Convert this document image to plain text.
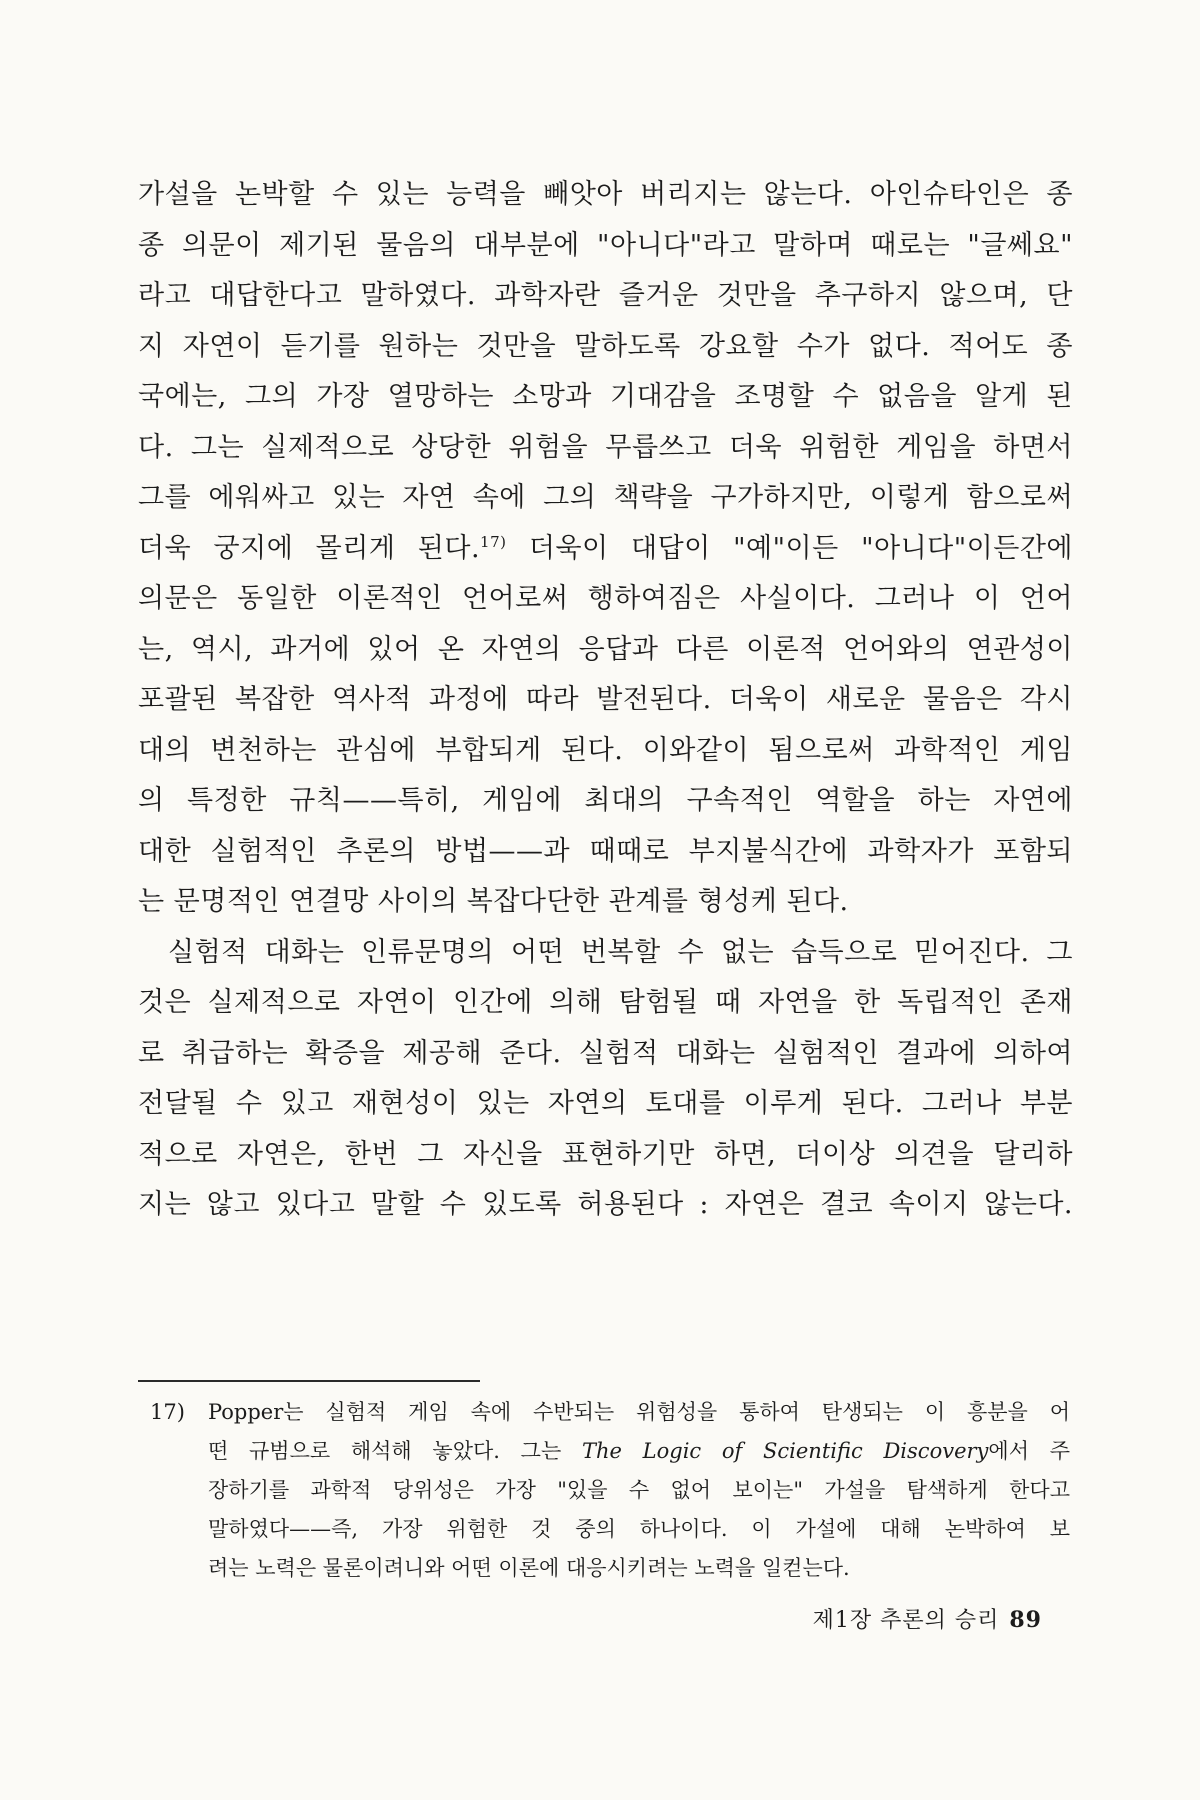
가설을 논박할 수 있는 능력을 빼앗아 버리지는 않는다. 아인슈타인은 종
종 의문이 제기된 물음의 대부분에 "아니다"라고 말하며 때로는 "글쎄요"
라고 대답한다고 말하였다. 과학자란 즐거운 것만을 추구하지 않으며, 단
지 자연이 듣기를 원하는 것만을 말하도록 강요할 수가 없다. 적어도 종
국에는, 그의 가장 열망하는 소망과 기대감을 조명할 수 없음을 알게 된
다. 그는 실제적으로 상당한 위험을 무릅쓰고 더욱 위험한 게임을 하면서
그를 에워싸고 있는 자연 속에 그의 책략을 구가하지만, 이렇게 함으로써
더욱 궁지에 몰리게 된다.$^{17)}$ 더욱이 대답이 "예"이든 "아니다"이든간에
의문은 동일한 이론적인 언어로써 행하여짐은 사실이다. 그러나 이 언어
는, 역시, 과거에 있어 온 자연의 응답과 다른 이론적 언어와의 연관성이
포괄된 복잡한 역사적 과정에 따라 발전된다. 더욱이 새로운 물음은 각시
대의 변천하는 관심에 부합되게 된다. 이와같이 됨으로써 과학적인 게임
의 특정한 규칙——특히, 게임에 최대의 구속적인 역할을 하는 자연에
대한 실험적인 추론의 방법——과 때때로 부지불식간에 과학자가 포함되
는 문명적인 연결망 사이의 복잡다단한 관계를 형성케 된다.

실험적 대화는 인류문명의 어떤 번복할 수 없는 습득으로 믿어진다. 그
것은 실제적으로 자연이 인간에 의해 탐험될 때 자연을 한 독립적인 존재
로 취급하는 확증을 제공해 준다. 실험적 대화는 실험적인 결과에 의하여
전달될 수 있고 재현성이 있는 자연의 토대를 이루게 된다. 그러나 부분
적으로 자연은, 한번 그 자신을 표현하기만 하면, 더이상 의견을 달리하
지는 않고 있다고 말할 수 있도록 허용된다 : 자연은 결코 속이지 않는다.

17)	Popper는 실험적 게임 속에 수반되는 위험성을 통하여 탄생되는 이 흥분을 어
떤 규범으로 해석해 놓았다. 그는 The Logic of Scientific Discovery에서 주
장하기를 과학적 당위성은 가장 "있을 수 없어 보이는" 가설을 탐색하게 한다고
말하였다——즉, 가장 위험한 것 중의 하나이다. 이 가설에 대해 논박하여 보
려는 노력은 물론이려니와 어떤 이론에 대응시키려는 노력을 일컫는다.
제1장 추론의 승리 89
